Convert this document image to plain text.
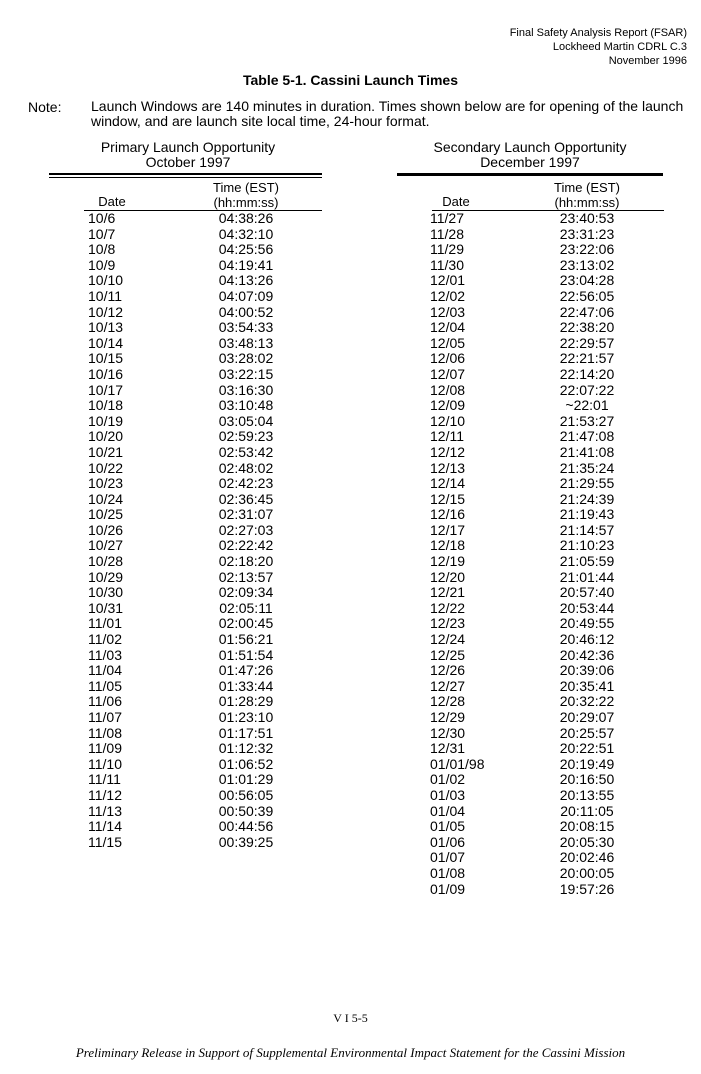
Final Safety Analysis Report (FSAR)
Lockheed Martin CDRL C.3
November 1996
Table 5-1. Cassini Launch Times
Note: Launch Windows are 140 minutes in duration. Times shown below are for opening of the launch window, and are launch site local time, 24-hour format.
Primary Launch Opportunity
October 1997
Date
Time (EST)
(hh:mm:ss)
10/6	04:38:26
10/7	04:32:10
10/8	04:25:56
10/9	04:19:41
10/10	04:13:26
10/11	04:07:09
10/12	04:00:52
10/13	03:54:33
10/14	03:48:13
10/15	03:28:02
10/16	03:22:15
10/17	03:16:30
10/18	03:10:48
10/19	03:05:04
10/20	02:59:23
10/21	02:53:42
10/22	02:48:02
10/23	02:42:23
10/24	02:36:45
10/25	02:31:07
10/26	02:27:03
10/27	02:22:42
10/28	02:18:20
10/29	02:13:57
10/30	02:09:34
10/31	02:05:11
11/01	02:00:45
11/02	01:56:21
11/03	01:51:54
11/04	01:47:26
11/05	01:33:44
11/06	01:28:29
11/07	01:23:10
11/08	01:17:51
11/09	01:12:32
11/10	01:06:52
11/11	01:01:29
11/12	00:56:05
11/13	00:50:39
11/14	00:44:56
11/15	00:39:25
Secondary Launch Opportunity
December 1997
Date
Time (EST)
(hh:mm:ss)
11/27	23:40:53
11/28	23:31:23
11/29	23:22:06
11/30	23:13:02
12/01	23:04:28
12/02	22:56:05
12/03	22:47:06
12/04	22:38:20
12/05	22:29:57
12/06	22:21:57
12/07	22:14:20
12/08	22:07:22
12/09	~22:01
12/10	21:53:27
12/11	21:47:08
12/12	21:41:08
12/13	21:35:24
12/14	21:29:55
12/15	21:24:39
12/16	21:19:43
12/17	21:14:57
12/18	21:10:23
12/19	21:05:59
12/20	21:01:44
12/21	20:57:40
12/22	20:53:44
12/23	20:49:55
12/24	20:46:12
12/25	20:42:36
12/26	20:39:06
12/27	20:35:41
12/28	20:32:22
12/29	20:29:07
12/30	20:25:57
12/31	20:22:51
01/01/98	20:19:49
01/02	20:16:50
01/03	20:13:55
01/04	20:11:05
01/05	20:08:15
01/06	20:05:30
01/07	20:02:46
01/08	20:00:05
01/09	19:57:26
V I 5-5
Preliminary Release in Support of Supplemental Environmental Impact Statement for the Cassini Mission
